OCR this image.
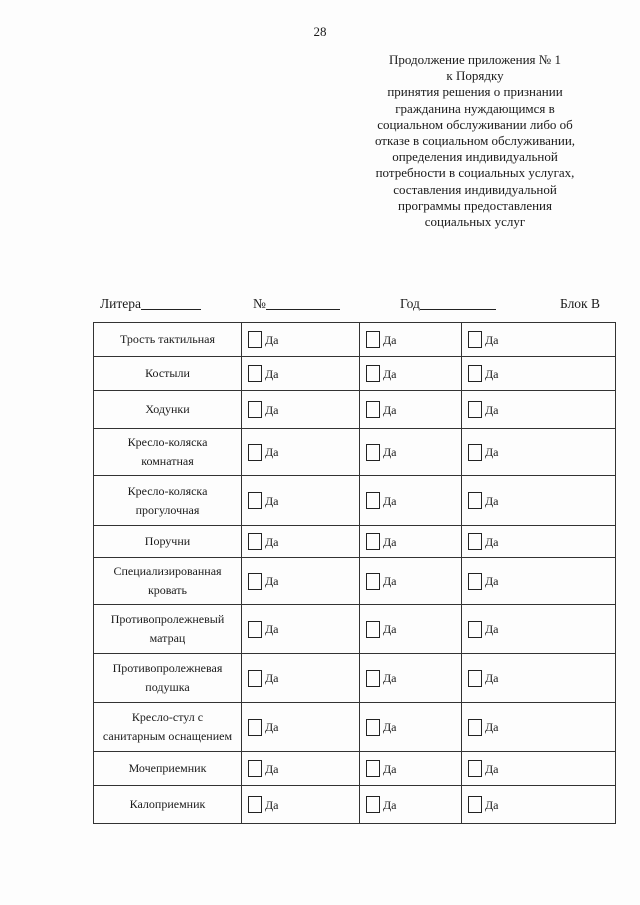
28
Продолжение приложения № 1
к Порядку
принятия решения о признании
гражданина нуждающимся в
социальном обслуживании либо об
отказе в социальном обслуживании,
определения индивидуальной
потребности в социальных услугах,
составления индивидуальной
программы предоставления
социальных услуг
Литера	№	Год	Блок В
Трость тактильная	Да	Да	Да

Костыли	Да	Да	Да

Ходунки	Да	Да	Да

Кресло-коляска
комнатная	Да	Да	Да

Кресло-коляска
прогулочная	Да	Да	Да

Поручни	Да	Да	Да

Специализированная
кровать	Да	Да	Да

Противопролежневый
матрац	Да	Да	Да

Противопролежневая
подушка	Да	Да	Да

Кресло-стул с
санитарным оснащением	Да	Да	Да

Мочеприемник	Да	Да	Да

Калоприемник	Да	Да	Да
